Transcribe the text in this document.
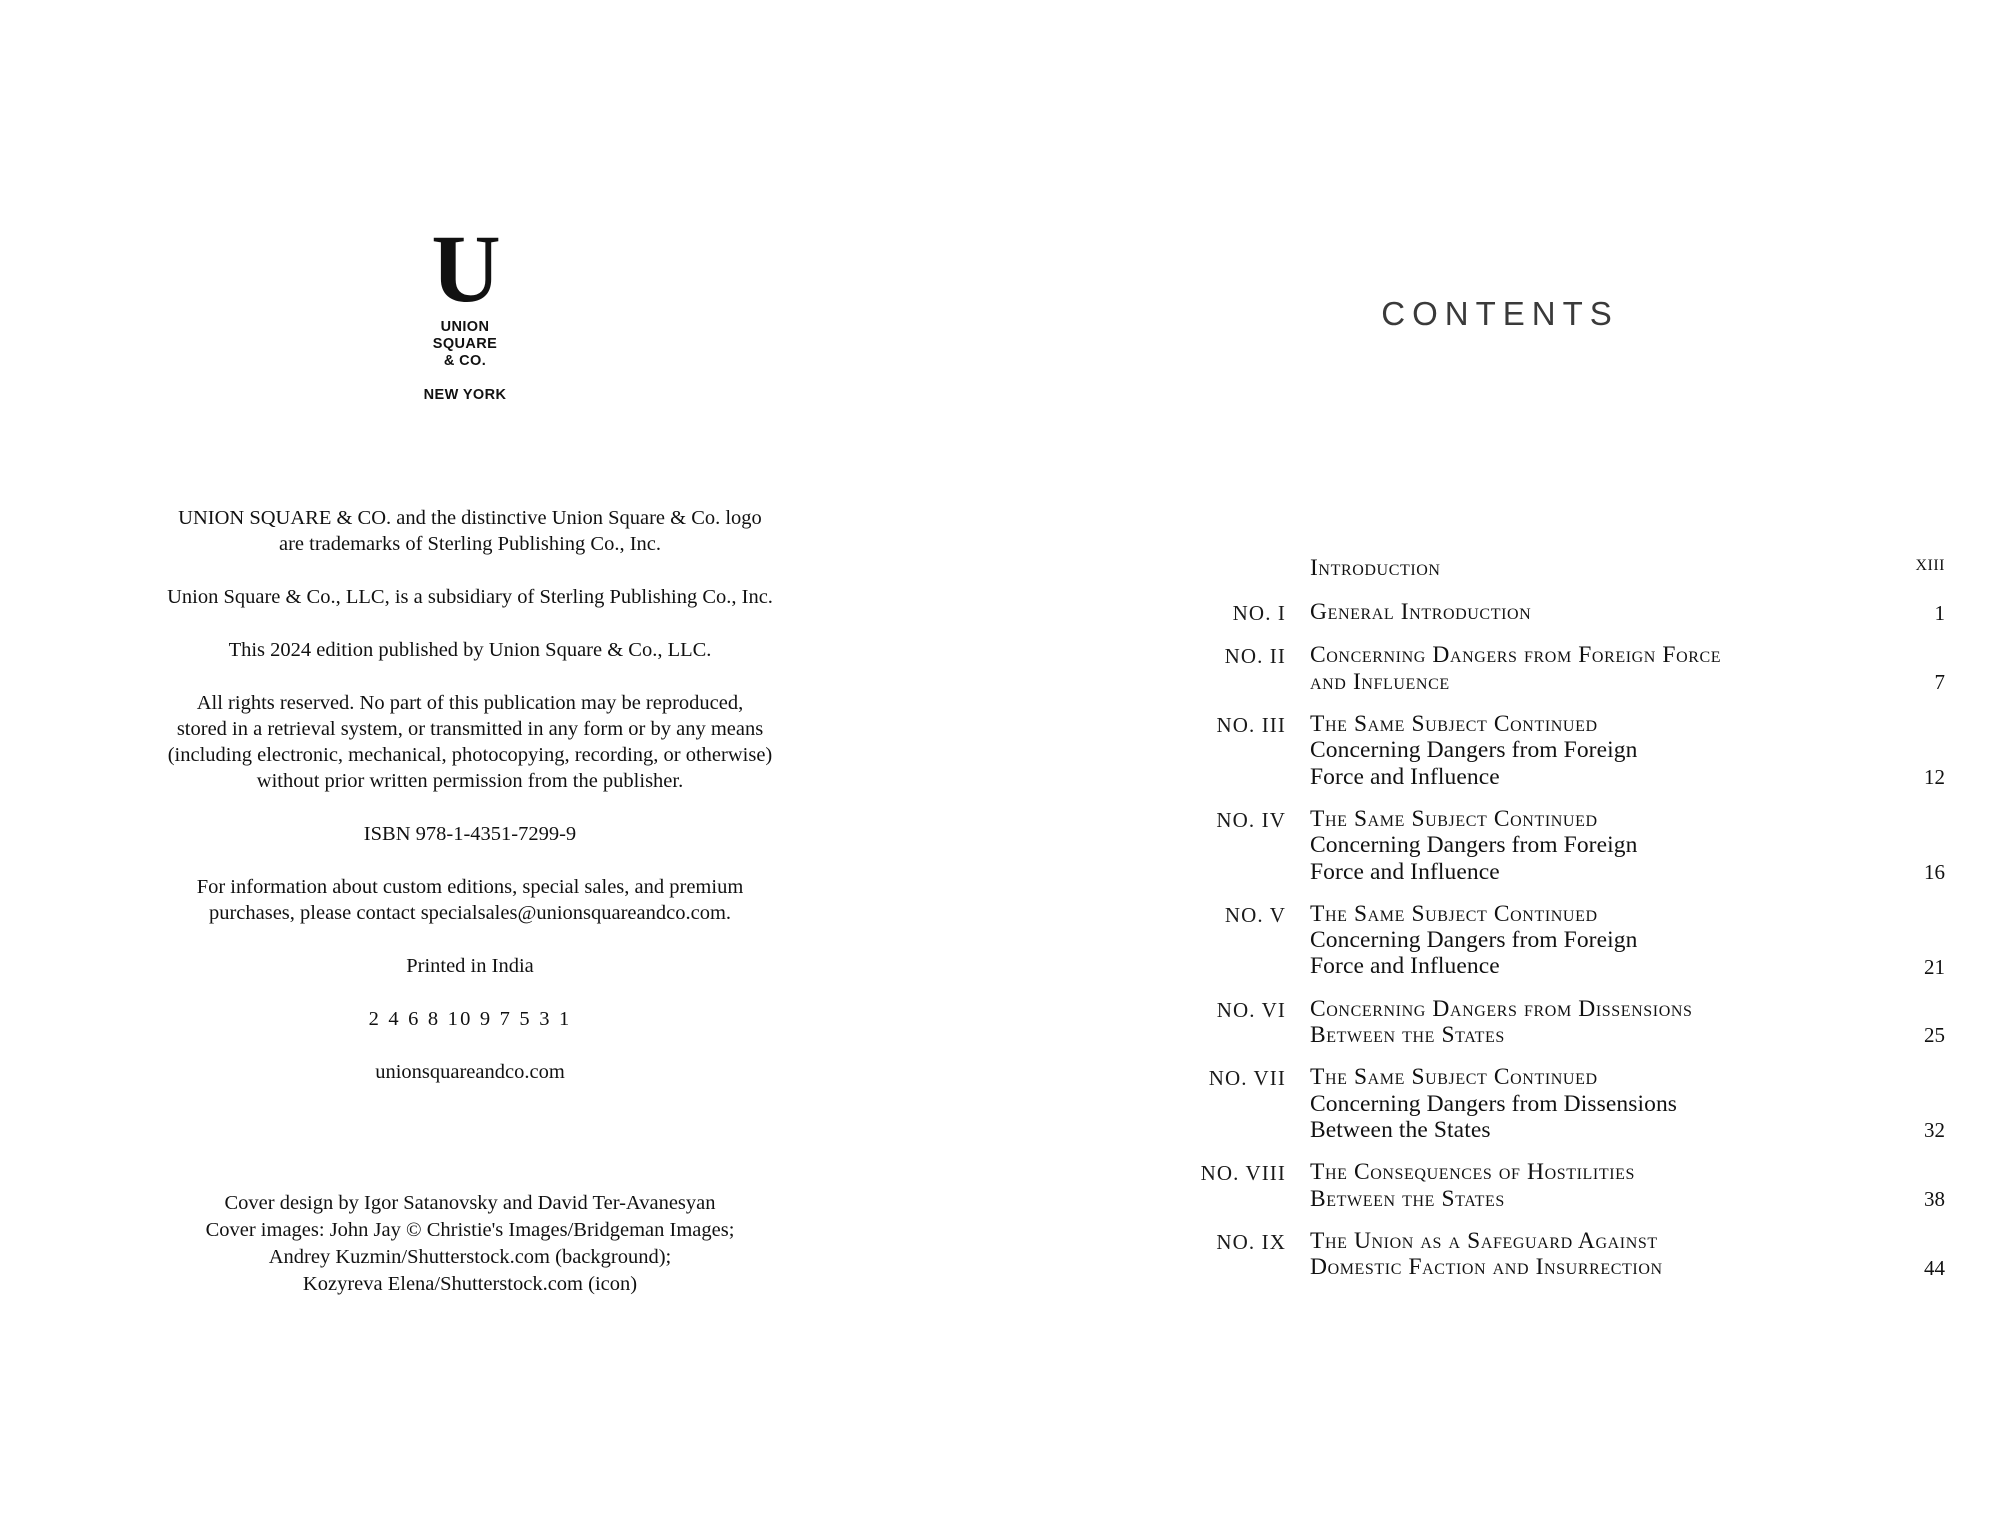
U
UNION
SQUARE
& CO.
NEW YORK

UNION SQUARE & CO. and the distinctive Union Square & Co. logo
are trademarks of Sterling Publishing Co., Inc.

Union Square & Co., LLC, is a subsidiary of Sterling Publishing Co., Inc.

This 2024 edition published by Union Square & Co., LLC.

All rights reserved. No part of this publication may be reproduced,
stored in a retrieval system, or transmitted in any form or by any means
(including electronic, mechanical, photocopying, recording, or otherwise)
without prior written permission from the publisher.

ISBN 978-1-4351-7299-9

For information about custom editions, special sales, and premium
purchases, please contact specialsales@unionsquareandco.com.

Printed in India

2 4 6 8 10 9 7 5 3 1

unionsquareandco.com

Cover design by Igor Satanovsky and David Ter-Avanesyan
Cover images: John Jay © Christie's Images/Bridgeman Images;
Andrey Kuzmin/Shutterstock.com (background);
Kozyreva Elena/Shutterstock.com (icon)
CONTENTS
Introduction	XIII
NO. I	General Introduction	1
NO. II	Concerning Dangers from Foreign Force
and Influence	7
NO. III	The Same Subject Continued
Concerning Dangers from Foreign
Force and Influence	12
NO. IV	The Same Subject Continued
Concerning Dangers from Foreign
Force and Influence	16
NO. V	The Same Subject Continued
Concerning Dangers from Foreign
Force and Influence	21
NO. VI	Concerning Dangers from Dissensions
Between the States	25
NO. VII	The Same Subject Continued
Concerning Dangers from Dissensions
Between the States	32
NO. VIII	The Consequences of Hostilities
Between the States	38
NO. IX	The Union as a Safeguard Against
Domestic Faction and Insurrection	44
